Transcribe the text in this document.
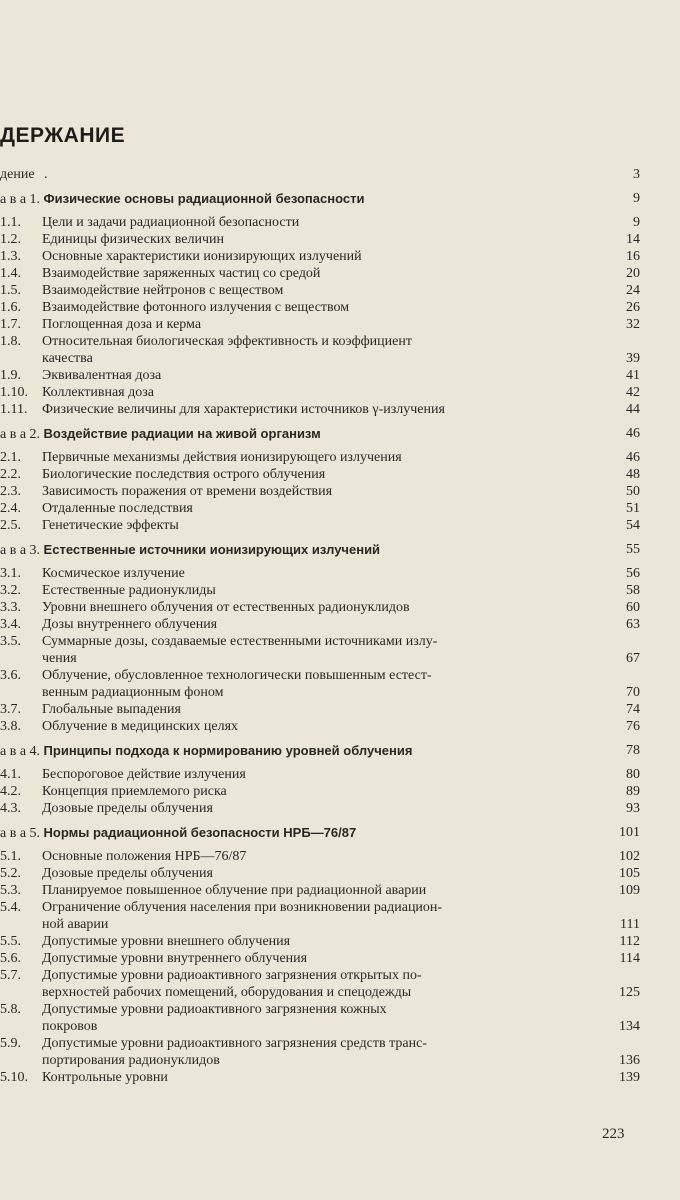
ДЕРЖАНИЕ
дение .	3
а в а 1. Физические основы радиационной безопасности	9
1.1. Цели и задачи радиационной безопасности	9
1.2. Единицы физических величин	14
1.3. Основные характеристики ионизирующих излучений	16
1.4. Взаимодействие заряженных частиц со средой	20
1.5. Взаимодействие нейтронов с веществом	24
1.6. Взаимодействие фотонного излучения с веществом	26
1.7. Поглощенная доза и керма	32
1.8. Относительная биологическая эффективность и коэффициент
качества	39
1.9. Эквивалентная доза	41
1.10. Коллективная доза	42
1.11. Физические величины для характеристики источников γ-излучения	44
а в а 2. Воздействие радиации на живой организм	46
2.1. Первичные механизмы действия ионизирующего излучения	46
2.2. Биологические последствия острого облучения	48
2.3. Зависимость поражения от времени воздействия	50
2.4. Отдаленные последствия	51
2.5. Генетические эффекты	54
а в а 3. Естественные источники ионизирующих излучений	55
3.1. Космическое излучение	56
3.2. Естественные радионуклиды	58
3.3. Уровни внешнего облучения от естественных радионуклидов	60
3.4. Дозы внутреннего облучения	63
3.5. Суммарные дозы, создаваемые естественными источниками излу-
чения	67
3.6. Облучение, обусловленное технологически повышенным естест-
венным радиационным фоном	70
3.7. Глобальные выпадения	74
3.8. Облучение в медицинских целях	76
а в а 4. Принципы подхода к нормированию уровней облучения	78
4.1. Беспороговое действие излучения	80
4.2. Концепция приемлемого риска	89
4.3. Дозовые пределы облучения	93
а в а 5. Нормы радиационной безопасности НРБ—76/87	101
5.1. Основные положения НРБ—76/87	102
5.2. Дозовые пределы облучения	105
5.3. Планируемое повышенное облучение при радиационной аварии	109
5.4. Ограничение облучения населения при возникновении радиацион-
ной аварии	111
5.5. Допустимые уровни внешнего облучения	112
5.6. Допустимые уровни внутреннего облучения	114
5.7. Допустимые уровни радиоактивного загрязнения открытых по-
верхностей рабочих помещений, оборудования и спецодежды	125
5.8. Допустимые уровни радиоактивного загрязнения кожных
покровов	134
5.9. Допустимые уровни радиоактивного загрязнения средств транс-
портирования радионуклидов	136
5.10. Контрольные уровни	139
223
